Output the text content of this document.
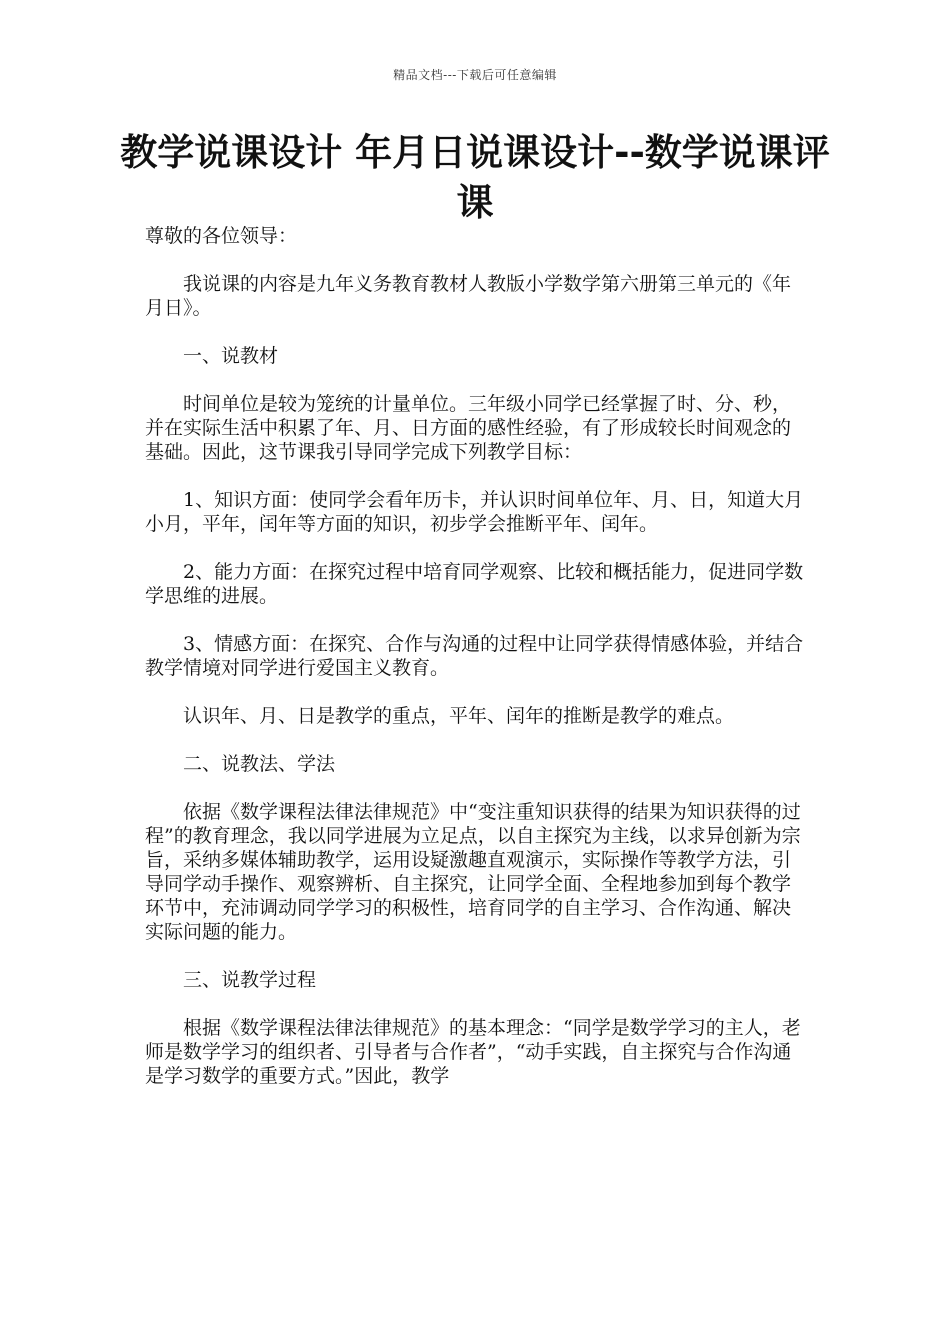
精品文档---下载后可任意编辑
教学说课设计 年月日说课设计--数学说课评课

尊敬的各位领导：

我说课的内容是九年义务教育教材人教版小学数学第六册第三单元的《年月日》。

一、说教材

时间单位是较为笼统的计量单位。三年级小同学已经掌握了时、分、秒，并在实际生活中积累了年、月、日方面的感性经验，有了形成较长时间观念的基础。因此，这节课我引导同学完成下列教学目标：

1、知识方面：使同学会看年历卡，并认识时间单位年、月、日，知道大月小月，平年，闰年等方面的知识，初步学会推断平年、闰年。

2、能力方面：在探究过程中培育同学观察、比较和概括能力，促进同学数学思维的进展。

3、情感方面：在探究、合作与沟通的过程中让同学获得情感体验，并结合教学情境对同学进行爱国主义教育。

认识年、月、日是教学的重点，平年、闰年的推断是教学的难点。

二、说教法、学法

依据《数学课程法律法律规范》中“变注重知识获得的结果为知识获得的过程”的教育理念，我以同学进展为立足点，以自主探究为主线，以求异创新为宗旨，采纳多媒体辅助教学，运用设疑激趣直观演示，实际操作等教学方法，引导同学动手操作、观察辨析、自主探究，让同学全面、全程地参加到每个教学环节中，充沛调动同学学习的积极性，培育同学的自主学习、合作沟通、解决实际问题的能力。

三、说教学过程

根据《数学课程法律法律规范》的基本理念：“同学是数学学习的主人，老师是数学学习的组织者、引导者与合作者”，“动手实践，自主探究与合作沟通是学习数学的重要方式。”因此，教学
